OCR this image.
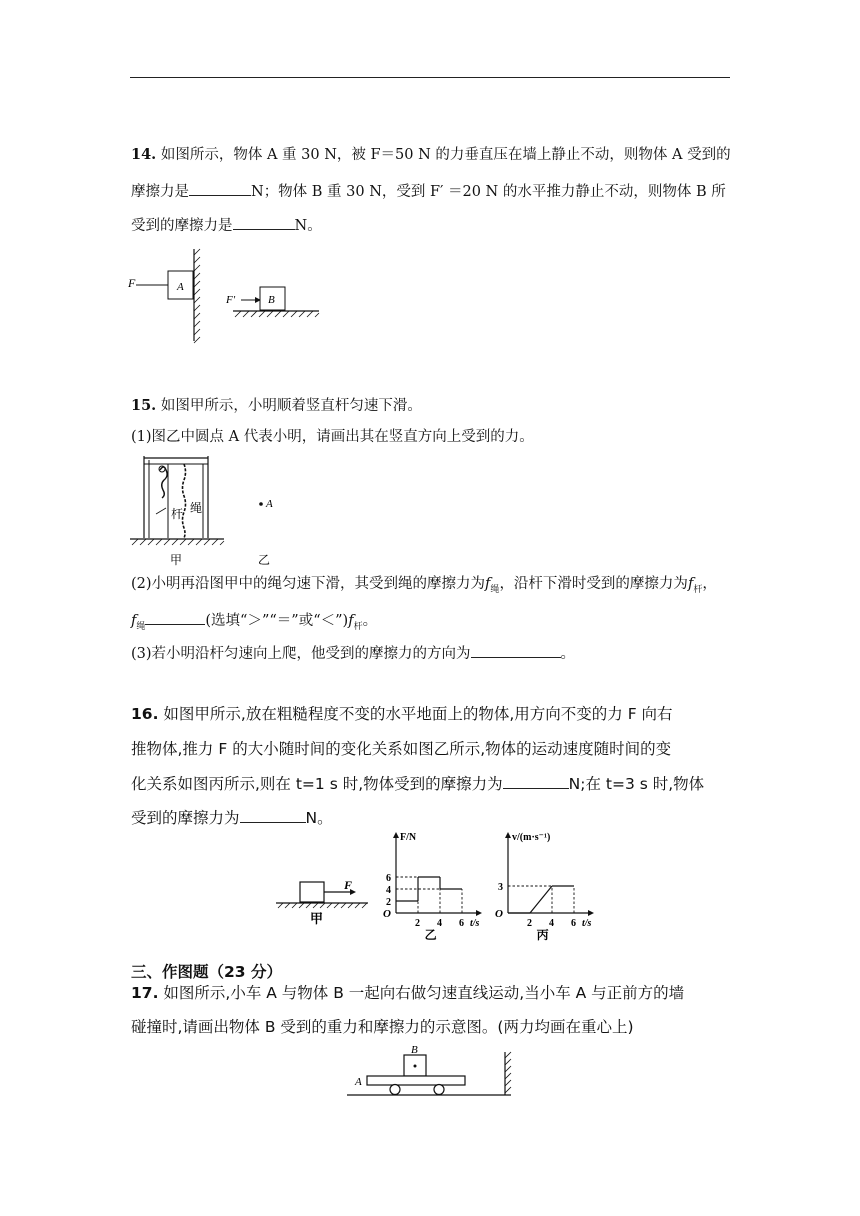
14. 如图所示，物体 A 重 30 N，被 F＝50 N 的力垂直压在墙上静止不动，则物体 A 受到的
摩擦力是	N；物体 B 重 30 N，受到 F′ ＝20 N 的水平推力静止不动，则物体 B 所
受到的摩擦力是	N。
F	A
F′	B
15. 如图甲所示，小明顺着竖直杆匀速下滑。
(1)图乙中圆点 A 代表小明，请画出其在竖直方向上受到的力。
杆 绳
甲
A
乙
(2)小明再沿图甲中的绳匀速下滑，其受到绳的摩擦力为$f_绳$，沿杆下滑时受到的摩擦力为$f_杆$，
$f_绳$	(选填“＞”“＝”或“$<”)f_杆$。
(3)若小明沿杆匀速向上爬，他受到的摩擦力的方向为	。
16. 如图甲所示,放在粗糙程度不变的水平地面上的物体,用方向不变的力 F 向右
推物体,推力 F 的大小随时间的变化关系如图乙所示,物体的运动速度随时间的变
化关系如图丙所示,则在 t=1 s 时,物体受到的摩擦力为	N;在 t=3 s 时,物体
受到的摩擦力为	N。
F
甲
F/N
t/s
O
2 4 6
2
4
6
乙
v/(m·s⁻¹)
t/s
O
2 4 6
3
丙
三、作图题（23 分）
17. 如图所示,小车 A 与物体 B 一起向右做匀速直线运动,当小车 A 与正前方的墙
碰撞时,请画出物体 B 受到的重力和摩擦力的示意图。(两力均画在重心上)
B
A
